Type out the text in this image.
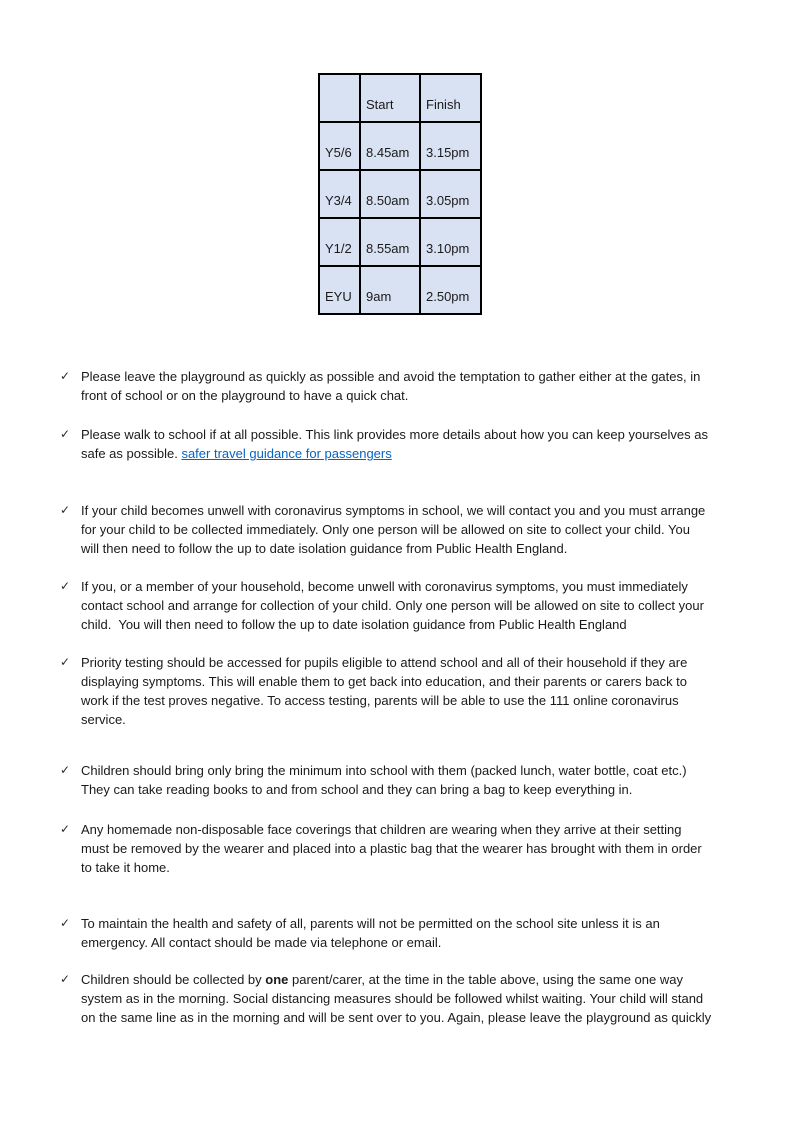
	Start	Finish
Y5/6	8.45am	3.15pm
Y3/4	8.50am	3.05pm
Y1/2	8.55am	3.10pm
EYU	9am	2.50pm
✓ Please leave the playground as quickly as possible and avoid the temptation to gather either at the gates, in
front of school or on the playground to have a quick chat.
✓ Please walk to school if at all possible. This link provides more details about how you can keep yourselves as
safe as possible. safer travel guidance for passengers
✓ If your child becomes unwell with coronavirus symptoms in school, we will contact you and you must arrange
for your child to be collected immediately. Only one person will be allowed on site to collect your child. You
will then need to follow the up to date isolation guidance from Public Health England.
✓ If you, or a member of your household, become unwell with coronavirus symptoms, you must immediately
contact school and arrange for collection of your child. Only one person will be allowed on site to collect your
child.  You will then need to follow the up to date isolation guidance from Public Health England
✓ Priority testing should be accessed for pupils eligible to attend school and all of their household if they are
displaying symptoms. This will enable them to get back into education, and their parents or carers back to
work if the test proves negative. To access testing, parents will be able to use the 111 online coronavirus
service.
✓ Children should bring only bring the minimum into school with them (packed lunch, water bottle, coat etc.)
They can take reading books to and from school and they can bring a bag to keep everything in.
✓ Any homemade non-disposable face coverings that children are wearing when they arrive at their setting
must be removed by the wearer and placed into a plastic bag that the wearer has brought with them in order
to take it home.
✓ To maintain the health and safety of all, parents will not be permitted on the school site unless it is an
emergency. All contact should be made via telephone or email.
✓ Children should be collected by one parent/carer, at the time in the table above, using the same one way
system as in the morning. Social distancing measures should be followed whilst waiting. Your child will stand
on the same line as in the morning and will be sent over to you. Again, please leave the playground as quickly
